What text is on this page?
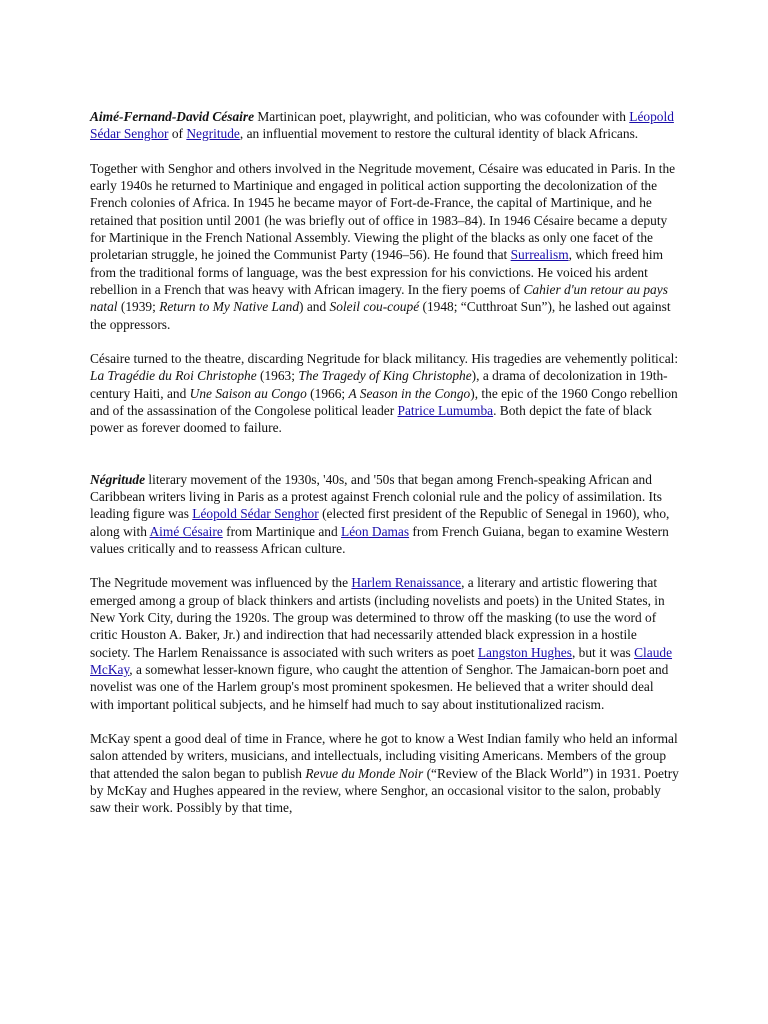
Aimé-Fernand-David Césaire Martinican poet, playwright, and politician, who was cofounder with Léopold Sédar Senghor of Negritude, an influential movement to restore the cultural identity of black Africans.

Together with Senghor and others involved in the Negritude movement, Césaire was educated in Paris. In the early 1940s he returned to Martinique and engaged in political action supporting the decolonization of the French colonies of Africa. In 1945 he became mayor of Fort-de-France, the capital of Martinique, and he retained that position until 2001 (he was briefly out of office in 1983–84). In 1946 Césaire became a deputy for Martinique in the French National Assembly. Viewing the plight of the blacks as only one facet of the proletarian struggle, he joined the Communist Party (1946–56). He found that Surrealism, which freed him from the traditional forms of language, was the best expression for his convictions. He voiced his ardent rebellion in a French that was heavy with African imagery. In the fiery poems of Cahier d'un retour au pays natal (1939; Return to My Native Land) and Soleil cou-coupé (1948; “Cutthroat Sun”), he lashed out against the oppressors.

Césaire turned to the theatre, discarding Negritude for black militancy. His tragedies are vehemently political: La Tragédie du Roi Christophe (1963; The Tragedy of King Christophe), a drama of decolonization in 19th-century Haiti, and Une Saison au Congo (1966; A Season in the Congo), the epic of the 1960 Congo rebellion and of the assassination of the Congolese political leader Patrice Lumumba. Both depict the fate of black power as forever doomed to failure.

Négritude literary movement of the 1930s, '40s, and '50s that began among French-speaking African and Caribbean writers living in Paris as a protest against French colonial rule and the policy of assimilation. Its leading figure was Léopold Sédar Senghor (elected first president of the Republic of Senegal in 1960), who, along with Aimé Césaire from Martinique and Léon Damas from French Guiana, began to examine Western values critically and to reassess African culture.

The Negritude movement was influenced by the Harlem Renaissance, a literary and artistic flowering that emerged among a group of black thinkers and artists (including novelists and poets) in the United States, in New York City, during the 1920s. The group was determined to throw off the masking (to use the word of critic Houston A. Baker, Jr.) and indirection that had necessarily attended black expression in a hostile society. The Harlem Renaissance is associated with such writers as poet Langston Hughes, but it was Claude McKay, a somewhat lesser-known figure, who caught the attention of Senghor. The Jamaican-born poet and novelist was one of the Harlem group's most prominent spokesmen. He believed that a writer should deal with important political subjects, and he himself had much to say about institutionalized racism.

McKay spent a good deal of time in France, where he got to know a West Indian family who held an informal salon attended by writers, musicians, and intellectuals, including visiting Americans. Members of the group that attended the salon began to publish Revue du Monde Noir (“Review of the Black World”) in 1931. Poetry by McKay and Hughes appeared in the review, where Senghor, an occasional visitor to the salon, probably saw their work. Possibly by that time,
